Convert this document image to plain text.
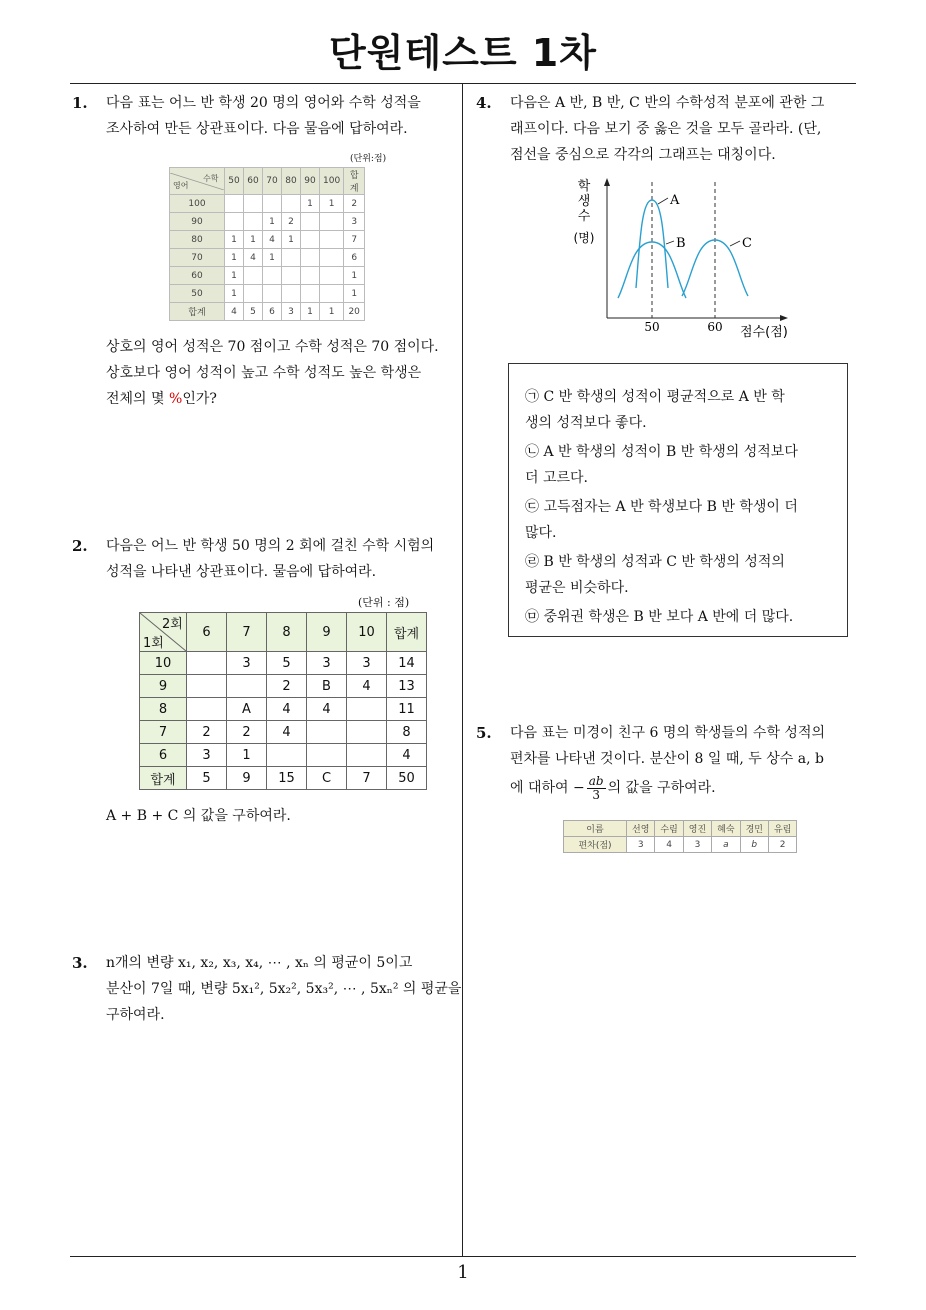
단원테스트 1차
1
1. 다음 표는 어느 반 학생 20 명의 영어와 수학 성적을
조사하여 만든 상관표이다. 다음 물음에 답하여라.
(단위:점)
수학
영어	50	60	70	80	90	100	합계
100					1	1	2
90			1	2			3
80	1	1	4	1			7
70	1	4	1				6
60	1						1
50	1						1
합계	4	5	6	3	1	1	20
상호의 영어 성적은 70 점이고 수학 성적은 70 점이다.
상호보다 영어 성적이 높고 수학 성적도 높은 학생은
전체의 몇 %인가?
2. 다음은 어느 반 학생 50 명의 2 회에 걸친 수학 시험의
성적을 나타낸 상관표이다. 물음에 답하여라.
(단위 : 점)
2회
1회	6	7	8	9	10	합계
10		3	5	3	3	14
9			2	B	4	13
8		A	4	4		11
7	2	2	4			8
6	3	1				4
합계	5	9	15	C	7	50
A + B + C 의 값을 구하여라.
3. n개의 변량 x₁, x₂, x₃, x₄, ⋯ , xₙ 의 평균이 5이고
분산이 7일 때, 변량 5x₁², 5x₂², 5x₃², ⋯ , 5xₙ² 의 평균을
구하여라.
4. 다음은 A 반, B 반, C 반의 수학성적 분포에 관한 그
래프이다. 다음 보기 중 옳은 것을 모두 골라라. (단,
점선을 중심으로 각각의 그래프는 대칭이다.
학
생
수
(명)
A
B	C
50	60 점수(점)
㉠ C 반 학생의 성적이 평균적으로 A 반 학
생의 성적보다 좋다.
㉡ A 반 학생의 성적이 B 반 학생의 성적보다
더 고르다.
㉢ 고득점자는 A 반 학생보다 B 반 학생이 더
많다.
㉣ B 반 학생의 성적과 C 반 학생의 성적의
평균은 비슷하다.
㉤ 중위권 학생은 B 반 보다 A 반에 더 많다.
5. 다음 표는 미경이 친구 6 명의 학생들의 수학 성적의
편차를 나타낸 것이다. 분산이 8 일 때, 두 상수 a, b
에 대하여 − $\frac{ab}{3}$ 의 값을 구하여라.
이름	선영	수림	영진	혜숙	경민	유림
편차(점)	3	4	3	a	b	2
